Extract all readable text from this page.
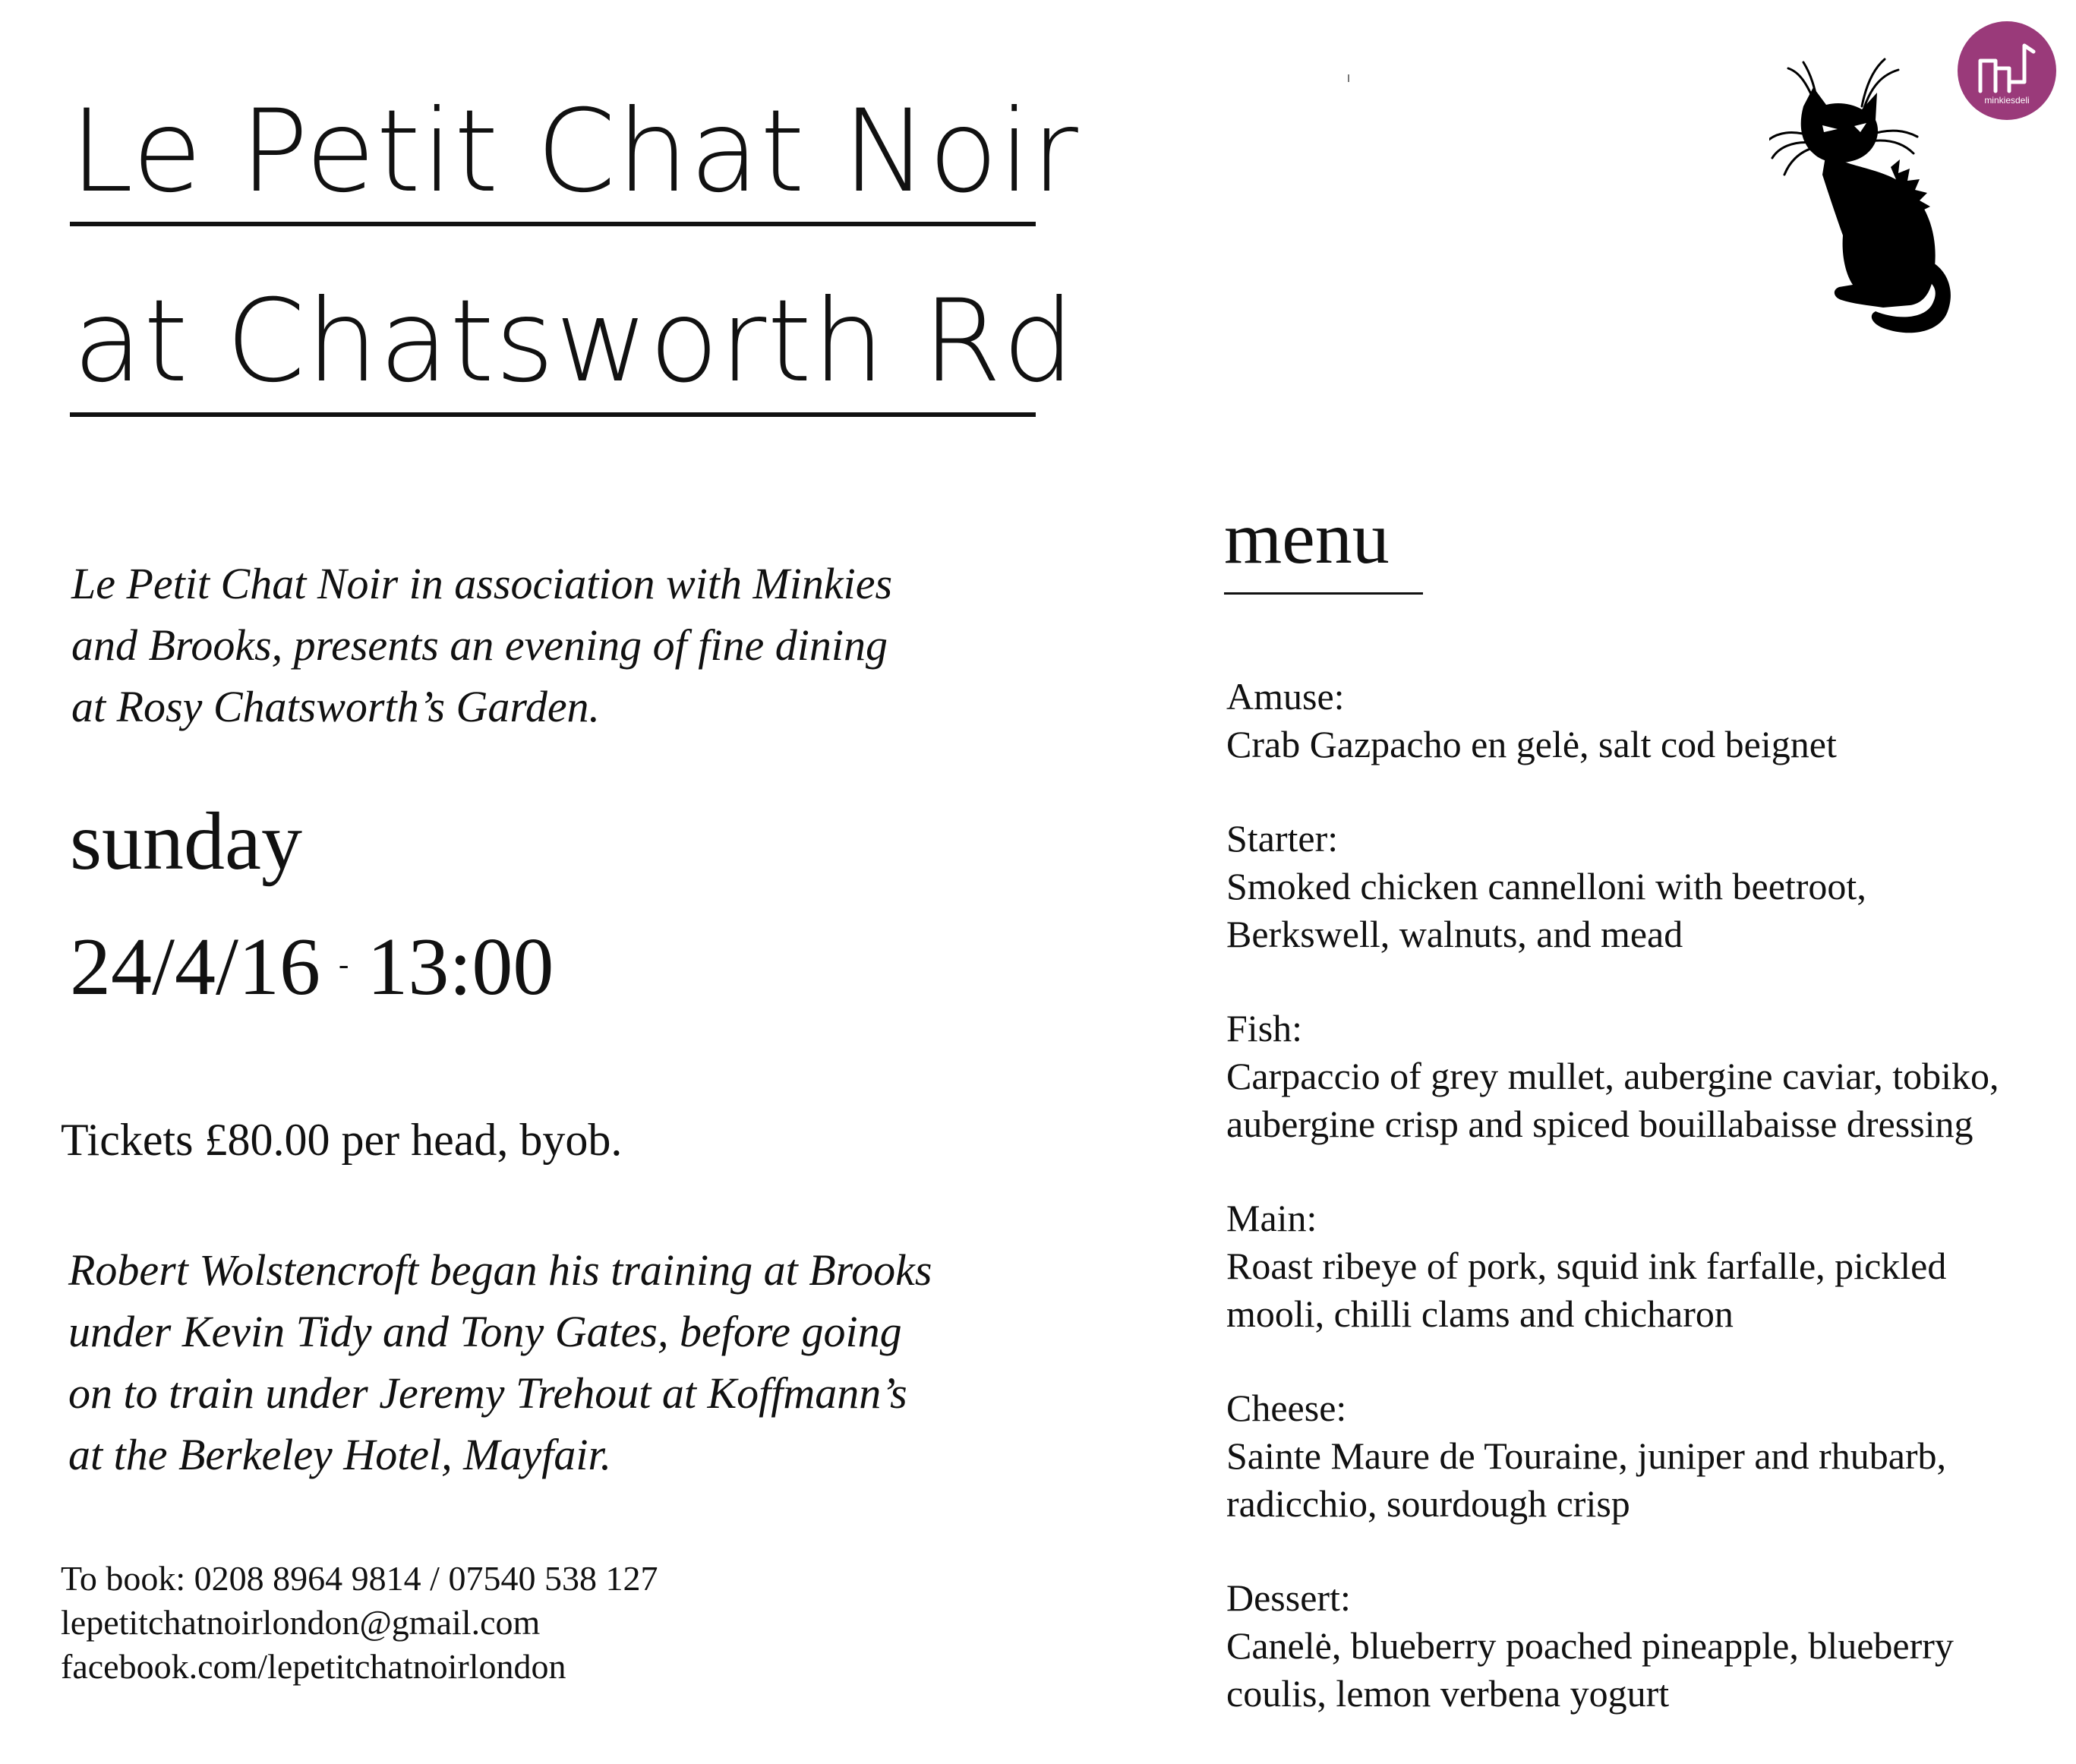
Le Petit Chat Noir
at Chatsworth Rd
Le Petit Chat Noir in association with Minkies
and Brooks, presents an evening of fine dining
at Rosy Chatsworth’s Garden.
sunday
24/4/16 - 13:00
Tickets £80.00 per head, byob.
Robert Wolstencroft began his training at Brooks
under Kevin Tidy and Tony Gates, before going
on to train under Jeremy Trehout at Koffmann’s
at the Berkeley Hotel, Mayfair.
To book: 0208 8964 9814 / 07540 538 127
lepetitchatnoirlondon@gmail.com
facebook.com/lepetitchatnoirlondon
menu
Amuse:
Crab Gazpacho en gelė, salt cod beignet
Starter:
Smoked chicken cannelloni with beetroot,
Berkswell, walnuts, and mead
Fish:
Carpaccio of grey mullet, aubergine caviar, tobiko,
aubergine crisp and spiced bouillabaisse dressing
Main:
Roast ribeye of pork, squid ink farfalle, pickled
mooli, chilli clams and chicharon
Cheese:
Sainte Maure de Touraine, juniper and rhubarb,
radicchio, sourdough crisp
Dessert:
Canelė, blueberry poached pineapple, blueberry
coulis, lemon verbena yogurt
minkiesdeli
